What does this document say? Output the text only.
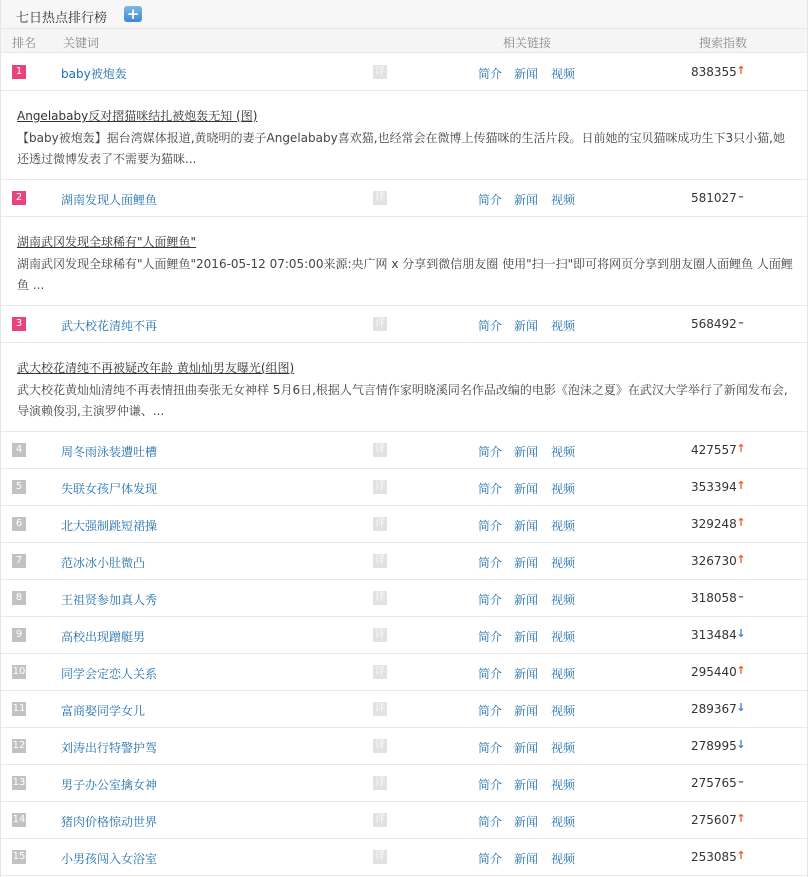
七日热点排行榜 +
排名 关键词	相关链接	搜索指数
1	baby被炮轰	详	简介 新闻 视频	838355 ↑
Angelababy反对摺猫咪结扎被炮轰无知 (图)
【baby被炮轰】据台湾媒体报道,黄晓明的妻子Angelababy喜欢猫,也经常会在微博上传猫咪的生活片段。日前她的宝贝猫咪成功生下3只小猫,她还透过微博发表了不需要为猫咪...
2	湖南发现人面鲤鱼	详	简介 新闻 视频	581027 –
湖南武冈发现全球稀有"人面鲤鱼"
湖南武冈发现全球稀有"人面鲤鱼"2016-05-12 07:05:00来源:央广网 x 分享到微信朋友圈 使用"扫一扫"即可将网页分享到朋友圈人面鲤鱼 人面鲤鱼 ...
3	武大校花清纯不再	详	简介 新闻 视频	568492 –
武大校花清纯不再被疑改年龄 黄灿灿男友曝光(组图)
武大校花黄灿灿清纯不再表情扭曲奏张无女神样 5月6日,根据人气言情作家明晓溪同名作品改编的电影《泡沫之夏》在武汉大学举行了新闻发布会,导演赖俊羽,主演罗仲谦、...
4	周冬雨泳装遭吐槽	详	简介 新闻 视频	427557 ↑
5	失联女孩尸体发现	详	简介 新闻 视频	353394 ↑
6	北大强制跳短裙操	详	简介 新闻 视频	329248 ↑
7	范冰冰小肚微凸	详	简介 新闻 视频	326730 ↑
8	王祖贤参加真人秀	详	简介 新闻 视频	318058 –
9	高校出现蹭艇男	详	简介 新闻 视频	313484 ↓
10	同学会定恋人关系	详	简介 新闻 视频	295440 ↑
11	富商娶同学女儿	详	简介 新闻 视频	289367 ↓
12	刘涛出行特警护驾	详	简介 新闻 视频	278995 ↓
13	男子办公室擒女神	详	简介 新闻 视频	275765 –
14	猪肉价格惊动世界	详	简介 新闻 视频	275607 ↑
15	小男孩闯入女浴室	详	简介 新闻 视频	253085 ↑
